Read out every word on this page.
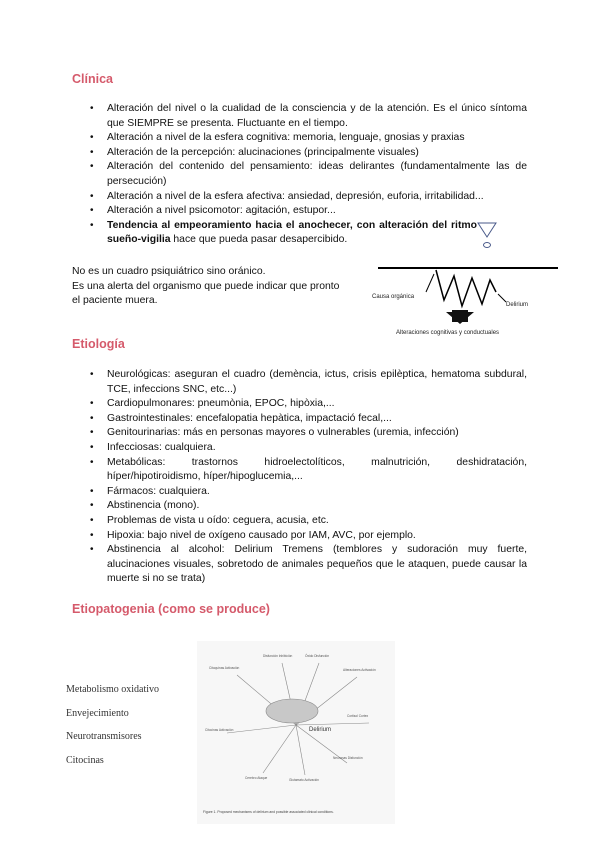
Clínica
• Alteración del nivel o la cualidad de la consciencia y de la atención. Es el único síntoma que SIEMPRE se presenta. Fluctuante en el tiempo.
• Alteración a nivel de la esfera cognitiva: memoria, lenguaje, gnosias y praxias
• Alteración de la percepción: alucinaciones (principalmente visuales)
• Alteración del contenido del pensamiento: ideas delirantes (fundamentalmente las de persecución)
• Alteración a nivel de la esfera afectiva: ansiedad, depresión, euforia, irritabilidad...
• Alteración a nivel psicomotor: agitación, estupor...
• Tendencia al empeoramiento hacia el anochecer, con alteración del ritmo sueño-vigilia hace que pueda pasar desapercibido.

No es un cuadro psiquiátrico sino oránico.
Es una alerta del organismo que puede indicar que pronto
el paciente muera.	Causa orgánica
Delirium
Alteraciones cognitivas y conductuales
Etiología
• Neurológicas: aseguran el cuadro (demència, ictus, crisis epilèptica, hematoma subdural, TCE, infeccions SNC, etc...)
• Cardiopulmonares: pneumònia, EPOC, hipòxia,...
• Gastrointestinales: encefalopatia hepàtica, impactació fecal,...
• Genitourinarias: más en personas mayores o vulnerables (uremia, infección)
• Infecciosas: cualquiera.
• Metabólicas: trastornos hidroelectolíticos, malnutrición, deshidratación, híper/hipotiroidismo, híper/hipoglucemia,...
• Fármacos: cualquiera.
• Abstinencia (mono).
• Problemas de vista u oído: ceguera, acusia, etc.
• Hipoxia: bajo nivel de oxígeno causado por IAM, AVC, por ejemplo.
• Abstinencia al alcohol: Delirium Tremens (temblores y sudoración muy fuerte, alucinaciones visuales, sobretodo de animales pequeños que le ataquen, puede causar la muerte si no se trata)
Etiopatogenia (como se produce)
Metabolismo oxidativo
Envejecimiento
Neurotransmisores
Citocinas
Delirium
Citoquinas Activación
Disfunción Inhibición	Óxido Disfunción
Alteraciones Activación
Cortisol Cortex
Neuronas Disfunción
Glutamato Activación
Cerebro Ataque
Citocinas Activación
Figure 1. Proposed mechanisms of delirium and possible associated clinical conditions.
